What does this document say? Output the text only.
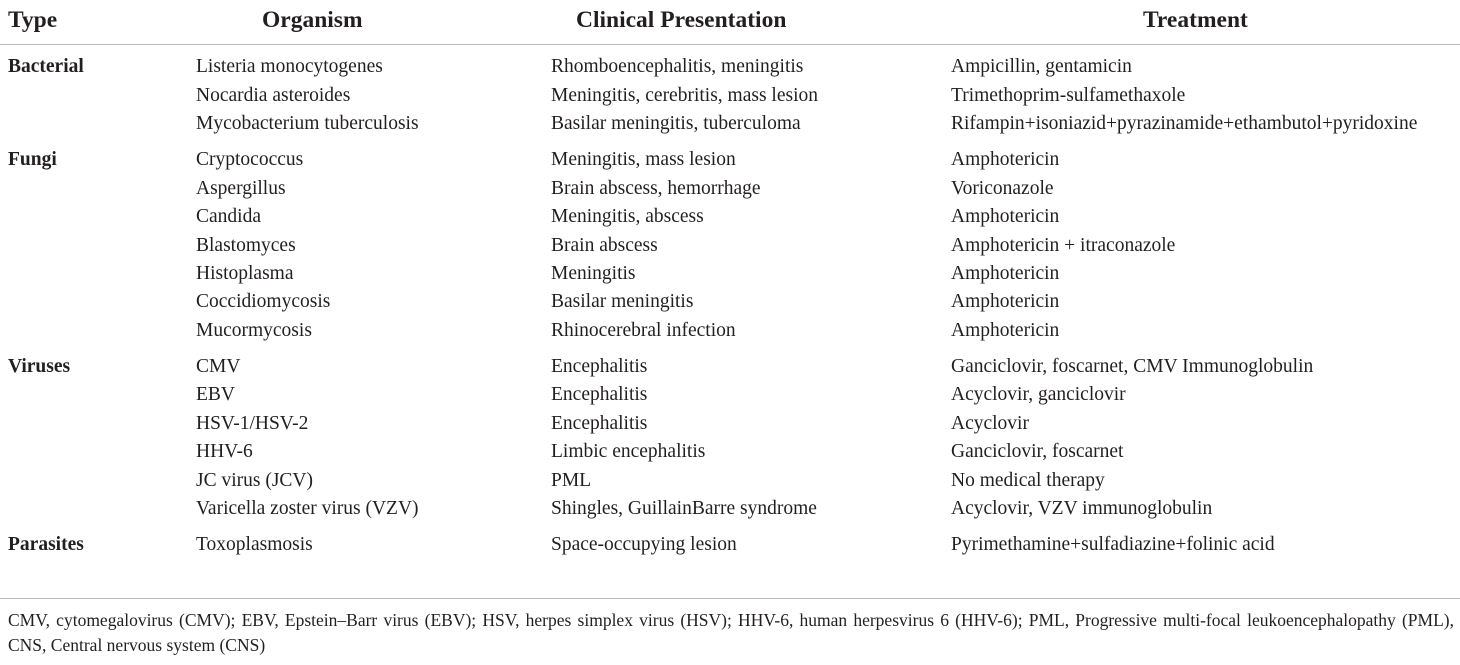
Type	Organism	Clinical Presentation	Treatment
Bacterial	Listeria monocytogenes	Rhomboencephalitis, meningitis	Ampicillin, gentamicin
	Nocardia asteroides	Meningitis, cerebritis, mass lesion	Trimethoprim-sulfamethaxole
	Mycobacterium tuberculosis	Basilar meningitis, tuberculoma	Rifampin+isoniazid+pyrazinamide+ethambutol+pyridoxine
Fungi	Cryptococcus	Meningitis, mass lesion	Amphotericin
	Aspergillus	Brain abscess, hemorrhage	Voriconazole
	Candida	Meningitis, abscess	Amphotericin
	Blastomyces	Brain abscess	Amphotericin + itraconazole
	Histoplasma	Meningitis	Amphotericin
	Coccidiomycosis	Basilar meningitis	Amphotericin
	Mucormycosis	Rhinocerebral infection	Amphotericin
Viruses	CMV	Encephalitis	Ganciclovir, foscarnet, CMV Immunoglobulin
	EBV	Encephalitis	Acyclovir, ganciclovir
	HSV-1/HSV-2	Encephalitis	Acyclovir
	HHV-6	Limbic encephalitis	Ganciclovir, foscarnet
	JC virus (JCV)	PML	No medical therapy
	Varicella zoster virus (VZV)	Shingles, GuillainBarre syndrome	Acyclovir, VZV immunoglobulin
Parasites	Toxoplasmosis	Space-occupying lesion	Pyrimethamine+sulfadiazine+folinic acid
CMV, cytomegalovirus (CMV); EBV, Epstein–Barr virus (EBV); HSV, herpes simplex virus (HSV); HHV-6, human herpesvirus 6 (HHV-6); PML, Progressive multi-focal leukoencephalopathy (PML), CNS, Central nervous system (CNS)
